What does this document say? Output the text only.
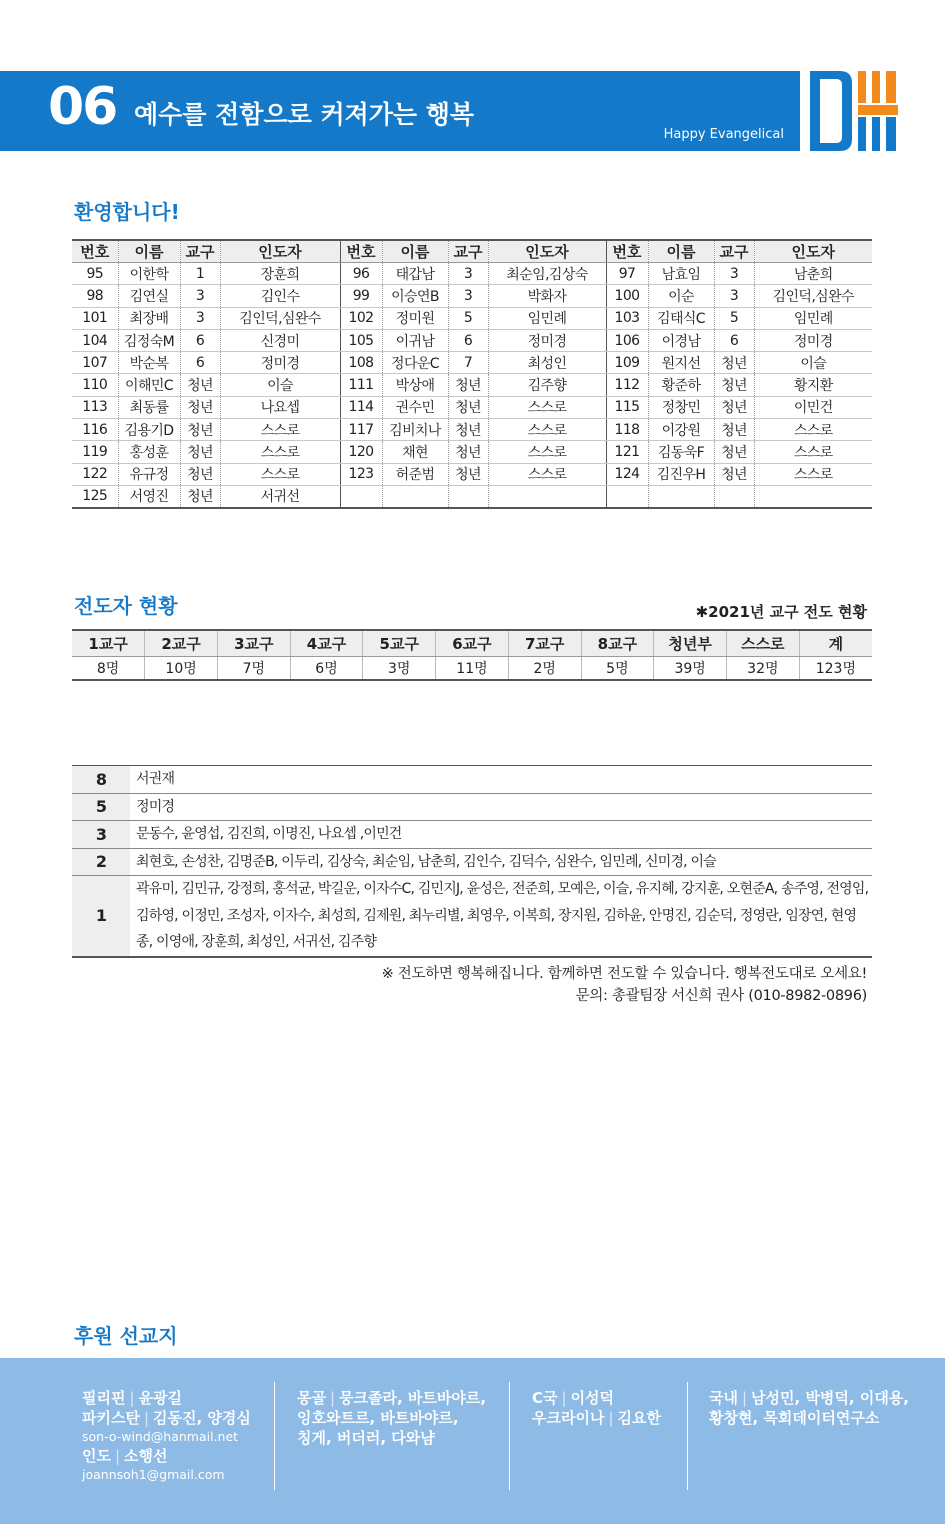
06 예수를 전함으로 커져가는 행복
Happy Evangelical
환영합니다!
번호	이름	교구	인도자	번호	이름	교구	인도자	번호	이름	교구	인도자
95	이한학	1	장훈희	96	태갑남	3	최순임,김상숙	97	남효임	3	남춘희
98	김연실	3	김인수	99	이승연B	3	박화자	100	이순	3	김인덕,심완수
101	최장배	3	김인덕,심완수	102	정미원	5	임민례	103	김태식C	5	임민례
104	김정숙M	6	신경미	105	이귀남	6	정미경	106	이경남	6	정미경
107	박순복	6	정미경	108	정다운C	7	최성인	109	원지선	청년	이슬
110	이해민C	청년	이슬	111	박상애	청년	김주향	112	황준하	청년	황지환
113	최동률	청년	나요셉	114	권수민	청년	스스로	115	정창민	청년	이민건
116	김용기D	청년	스스로	117	김비치나	청년	스스로	118	이강원	청년	스스로
119	홍성훈	청년	스스로	120	채현	청년	스스로	121	김동욱F	청년	스스로
122	유규정	청년	스스로	123	허준범	청년	스스로	124	김진우H	청년	스스로
125	서영진	청년	서귀선								
전도자 현황	✱2021년 교구 전도 현황
1교구	2교구	3교구	4교구	5교구	6교구	7교구	8교구	청년부	스스로	계
8명	10명	7명	6명	3명	11명	2명	5명	39명	32명	123명
8	서권재
5	정미경
3	문동수, 윤영섭, 김진희, 이명진, 나요셉 ,이민건
2	최현호, 손성찬, 김명준B, 이두리, 김상숙, 최순임, 남춘희, 김인수, 김덕수, 심완수, 임민례, 신미경, 이슬
1	곽유미, 김민규, 강정희, 홍석균, 박길운, 이자수C, 김민지J, 윤성은, 전준희, 모예은, 이슬, 유지혜, 강지훈, 오현준A, 송주영, 전영임, 김하영, 이정민, 조성자, 이자수, 최성희, 김제원, 최누리별, 최영우, 이복희, 장지원, 김하윤, 안명진, 김순덕, 정영란, 임장연, 현영종, 이영애, 장훈희, 최성인, 서귀선, 김주향
※ 전도하면 행복해집니다. 함께하면 전도할 수 있습니다. 행복전도대로 오세요!
문의: 총괄팀장 서신희 권사 (010-8982-0896)
후원 선교지
필리핀 | 윤광길
파키스탄 | 김동진, 양경심
son-o-wind@hanmail.net
인도 | 소행선
joannsoh1@gmail.com
몽골 | 뭉크졸라, 바트바야르,
잉호와트르, 바트바야르,
칭게, 버더러, 다와냠
C국 | 이성덕
우크라이나 | 김요한
국내 | 남성민, 박병덕, 이대용,
황창현, 목회데이터연구소
